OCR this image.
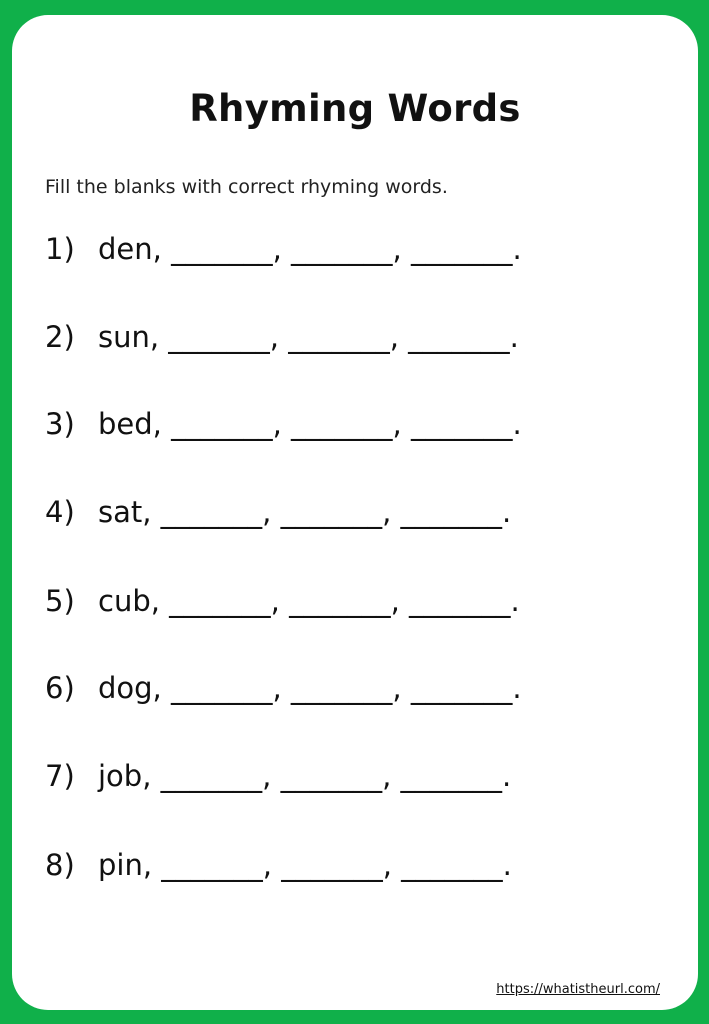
Rhyming Words
Fill the blanks with correct rhyming words.
1) den, _______, _______, _______.
2) sun, _______, _______, _______.
3) bed, _______, _______, _______.
4) sat, _______, _______, _______.
5) cub, _______, _______, _______.
6) dog, _______, _______, _______.
7) job, _______, _______, _______.
8) pin, _______, _______, _______.
https://whatistheurl.com/
